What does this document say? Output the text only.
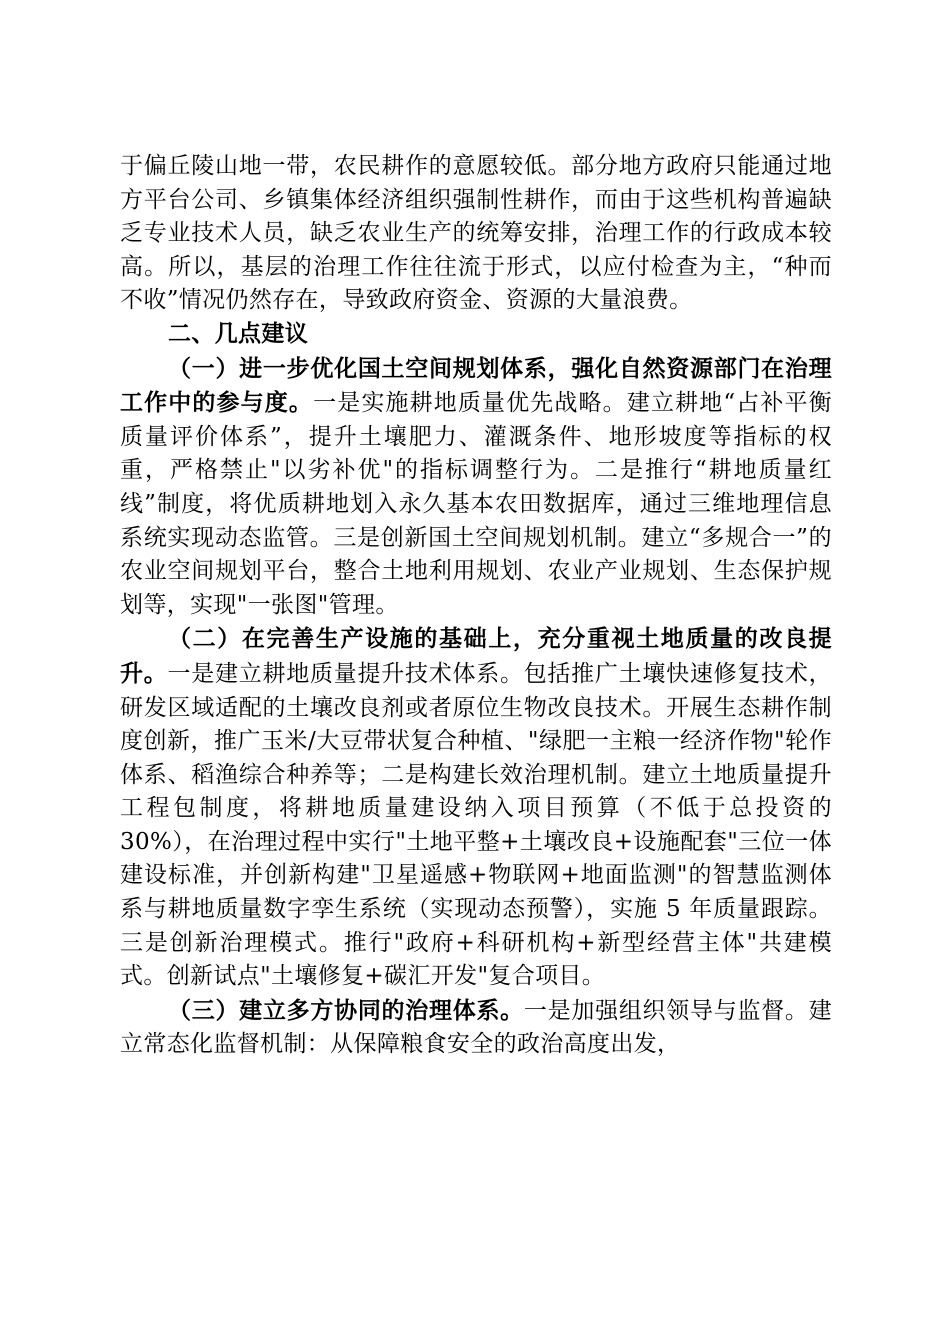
于偏丘陵山地一带，农民耕作的意愿较低。部分地方政府只能通过地方平台公司、乡镇集体经济组织强制性耕作，而由于这些机构普遍缺乏专业技术人员，缺乏农业生产的统筹安排，治理工作的行政成本较高。所以，基层的治理工作往往流于形式，以应付检查为主，“种而不收”情况仍然存在，导致政府资金、资源的大量浪费。

二、几点建议

（一）进一步优化国土空间规划体系，强化自然资源部门在治理工作中的参与度。一是实施耕地质量优先战略。建立耕地“占补平衡质量评价体系”，提升土壤肥力、灌溉条件、地形坡度等指标的权重，严格禁止"以劣补优"的指标调整行为。二是推行“耕地质量红线”制度，将优质耕地划入永久基本农田数据库，通过三维地理信息系统实现动态监管。三是创新国土空间规划机制。建立“多规合一”的农业空间规划平台，整合土地利用规划、农业产业规划、生态保护规划等，实现"一张图"管理。

（二）在完善生产设施的基础上，充分重视土地质量的改良提升。一是建立耕地质量提升技术体系。包括推广土壤快速修复技术，研发区域适配的土壤改良剂或者原位生物改良技术。开展生态耕作制度创新，推广玉米/大豆带状复合种植、"绿肥一主粮一经济作物"轮作体系、稻渔综合种养等；二是构建长效治理机制。建立土地质量提升工程包制度，将耕地质量建设纳入项目预算（不低于总投资的30%），在治理过程中实行"土地平整+土壤改良+设施配套"三位一体建设标准，并创新构建"卫星遥感+物联网+地面监测"的智慧监测体系与耕地质量数字孪生系统（实现动态预警），实施 5 年质量跟踪。三是创新治理模式。推行"政府+科研机构+新型经营主体"共建模式。创新试点"土壤修复+碳汇开发"复合项目。

（三）建立多方协同的治理体系。一是加强组织领导与监督。建立常态化监督机制：从保障粮食安全的政治高度出发，
